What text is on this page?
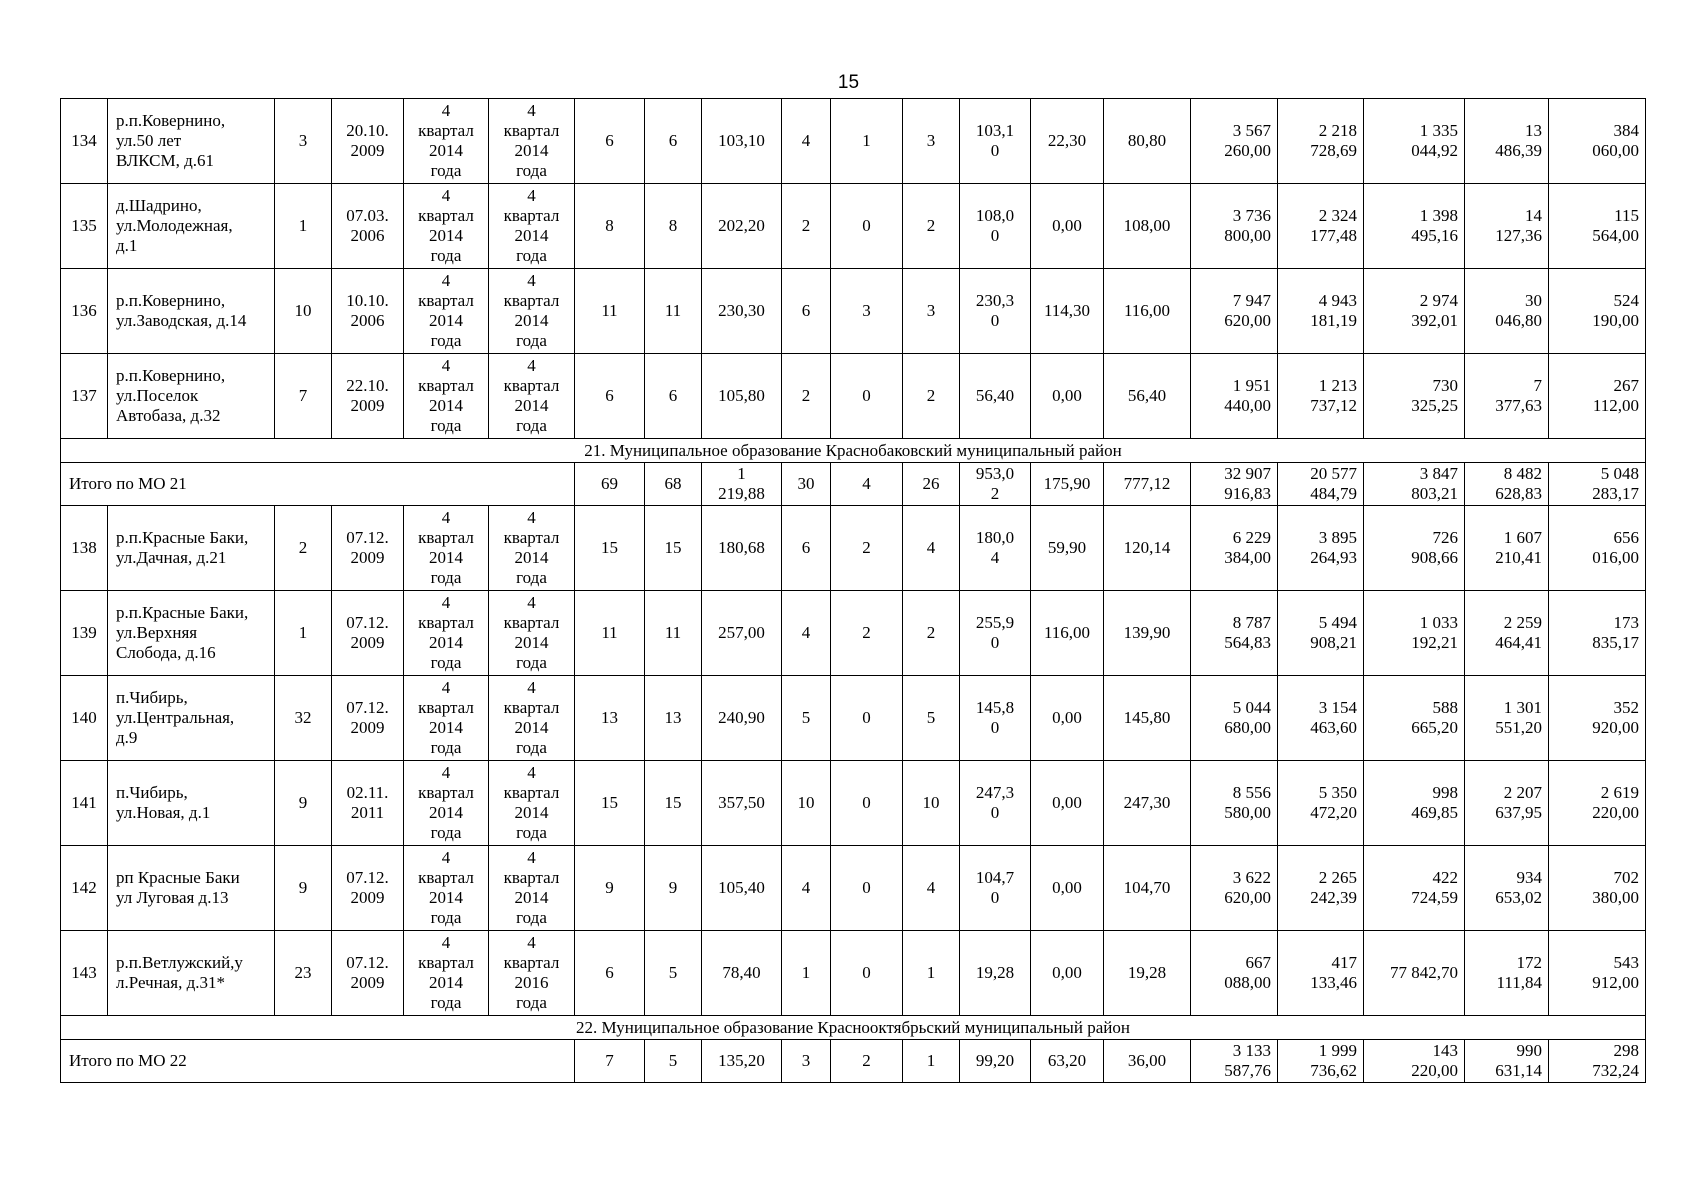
15
134	р.п.Ковернино,
ул.50 лет
ВЛКСМ, д.61	3	20.10.
2009	4
квартал
2014
года	4
квартал
2014
года	6	6	103,10	4	1	3	103,1
0	22,30	80,80	3 567
260,00	2 218
728,69	1 335
044,92	13
486,39	384
060,00
135	д.Шадрино,
ул.Молодежная,
д.1	1	07.03.
2006	4
квартал
2014
года	4
квартал
2014
года	8	8	202,20	2	0	2	108,0
0	0,00	108,00	3 736
800,00	2 324
177,48	1 398
495,16	14
127,36	115
564,00
136	р.п.Ковернино,
ул.Заводская, д.14	10	10.10.
2006	4
квартал
2014
года	4
квартал
2014
года	11	11	230,30	6	3	3	230,3
0	114,30	116,00	7 947
620,00	4 943
181,19	2 974
392,01	30
046,80	524
190,00
137	р.п.Ковернино,
ул.Поселок
Автобаза, д.32	7	22.10.
2009	4
квартал
2014
года	4
квартал
2014
года	6	6	105,80	2	0	2	56,40	0,00	56,40	1 951
440,00	1 213
737,12	730
325,25	7
377,63	267
112,00
21. Муниципальное образование Краснобаковский муниципальный район																			
Итого по МО 21						69	68	1
219,88	30	4	26	953,0
2	175,90	777,12	32 907
916,83	20 577
484,79	3 847
803,21	8 482
628,83	5 048
283,17
138	р.п.Красные Баки,
ул.Дачная, д.21	2	07.12.
2009	4
квартал
2014
года	4
квартал
2014
года	15	15	180,68	6	2	4	180,0
4	59,90	120,14	6 229
384,00	3 895
264,93	726
908,66	1 607
210,41	656
016,00
139	р.п.Красные Баки,
ул.Верхняя
Слобода, д.16	1	07.12.
2009	4
квартал
2014
года	4
квартал
2014
года	11	11	257,00	4	2	2	255,9
0	116,00	139,90	8 787
564,83	5 494
908,21	1 033
192,21	2 259
464,41	173
835,17
140	п.Чибирь,
ул.Центральная,
д.9	32	07.12.
2009	4
квартал
2014
года	4
квартал
2014
года	13	13	240,90	5	0	5	145,8
0	0,00	145,80	5 044
680,00	3 154
463,60	588
665,20	1 301
551,20	352
920,00
141	п.Чибирь,
ул.Новая, д.1	9	02.11.
2011	4
квартал
2014
года	4
квартал
2014
года	15	15	357,50	10	0	10	247,3
0	0,00	247,30	8 556
580,00	5 350
472,20	998
469,85	2 207
637,95	2 619
220,00
142	рп Красные Баки
ул Луговая д.13	9	07.12.
2009	4
квартал
2014
года	4
квартал
2014
года	9	9	105,40	4	0	4	104,7
0	0,00	104,70	3 622
620,00	2 265
242,39	422
724,59	934
653,02	702
380,00
143	р.п.Ветлужский,у
л.Речная, д.31*	23	07.12.
2009	4
квартал
2014
года	4
квартал
2016
года	6	5	78,40	1	0	1	19,28	0,00	19,28	667
088,00	417
133,46	77 842,70	172
111,84	543
912,00
22. Муниципальное образование Краснооктябрьский муниципальный район																			
Итого по МО 22						7	5	135,20	3	2	1	99,20	63,20	36,00	3 133
587,76	1 999
736,62	143
220,00	990
631,14	298
732,24
